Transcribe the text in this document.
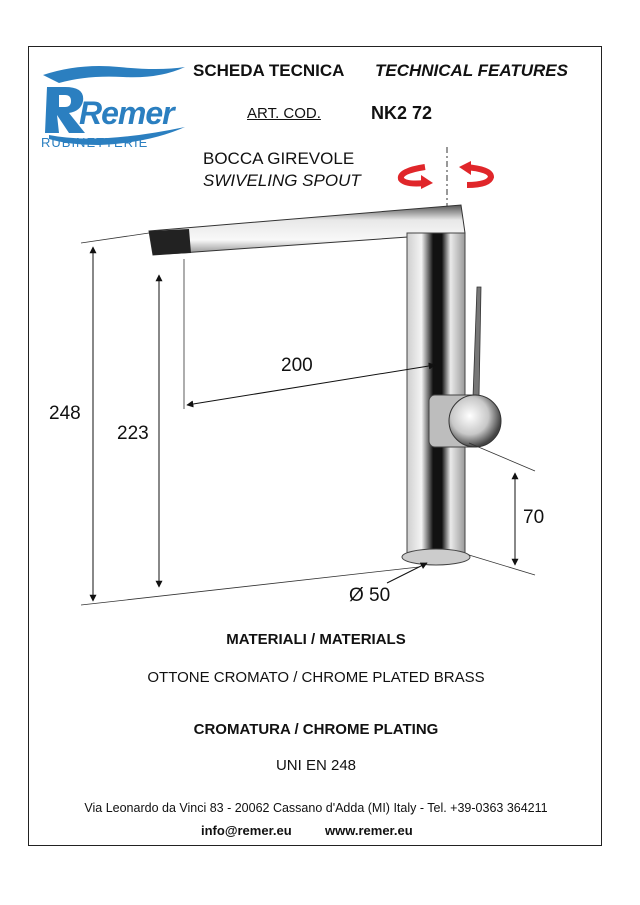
Remer
RUBINETTERIE
SCHEDA TECNICA TECHNICAL FEATURES
ART. COD.	NK2 72
BOCCA GIREVOLE
SWIVELING SPOUT
248
223
200
70
Ø 50
MATERIALI / MATERIALS
OTTONE CROMATO / CHROME PLATED BRASS
CROMATURA / CHROME PLATING
UNI EN 248
Via Leonardo da Vinci 83 - 20062 Cassano d'Adda (MI) Italy - Tel. +39-0363 364211
info@remer.eu	www.remer.eu
